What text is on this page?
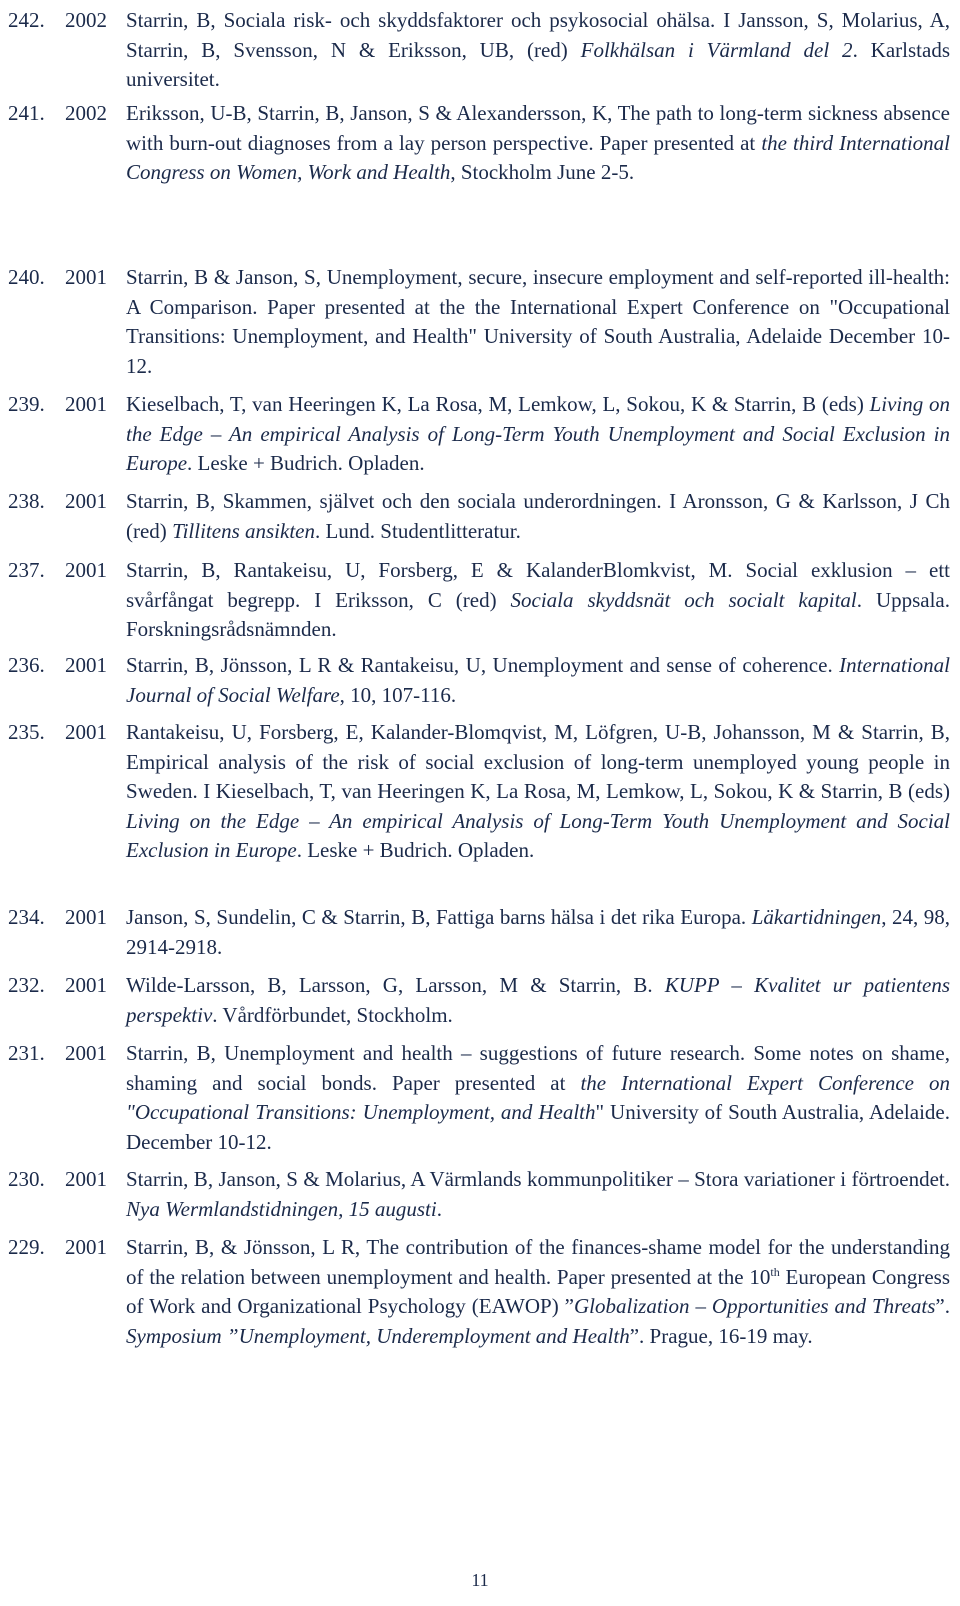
242. 2002 Starrin, B, Sociala risk- och skyddsfaktorer och psykosocial ohälsa. I Jansson, S, Molarius, A, Starrin, B, Svensson, N & Eriksson, UB, (red) Folkhälsan i Värmland del 2. Karlstads universitet.
241. 2002 Eriksson, U-B, Starrin, B, Janson, S & Alexandersson, K, The path to long-term sickness absence with burn-out diagnoses from a lay person perspective. Paper presented at the third International Congress on Women, Work and Health, Stockholm June 2-5.
240. 2001 Starrin, B & Janson, S, Unemployment, secure, insecure employment and self-reported ill-health: A Comparison. Paper presented at the the International Expert Conference on "Occupational Transitions: Unemployment, and Health" University of South Australia, Adelaide December 10-12.
239. 2001 Kieselbach, T, van Heeringen K, La Rosa, M, Lemkow, L, Sokou, K & Starrin, B (eds) Living on the Edge – An empirical Analysis of Long-Term Youth Unemployment and Social Exclusion in Europe. Leske + Budrich. Opladen.
238. 2001 Starrin, B, Skammen, självet och den sociala underordningen. I Aronsson, G & Karlsson, J Ch (red) Tillitens ansikten. Lund. Studentlitteratur.
237. 2001 Starrin, B, Rantakeisu, U, Forsberg, E & KalanderBlomkvist, M. Social exklusion – ett svårfångat begrepp. I Eriksson, C (red) Sociala skyddsnät och socialt kapital. Uppsala. Forskningsrådsnämnden.
236. 2001 Starrin, B, Jönsson, L R & Rantakeisu, U, Unemployment and sense of coherence. International Journal of Social Welfare, 10, 107-116.
235. 2001 Rantakeisu, U, Forsberg, E, Kalander-Blomqvist, M, Löfgren, U-B, Johansson, M & Starrin, B, Empirical analysis of the risk of social exclusion of long-term unemployed young people in Sweden. I Kieselbach, T, van Heeringen K, La Rosa, M, Lemkow, L, Sokou, K & Starrin, B (eds) Living on the Edge – An empirical Analysis of Long-Term Youth Unemployment and Social Exclusion in Europe. Leske + Budrich. Opladen.
234. 2001 Janson, S, Sundelin, C & Starrin, B, Fattiga barns hälsa i det rika Europa. Läkartidningen, 24, 98, 2914-2918.
232. 2001 Wilde-Larsson, B, Larsson, G, Larsson, M & Starrin, B. KUPP – Kvalitet ur patientens perspektiv. Vårdförbundet, Stockholm.
231. 2001 Starrin, B, Unemployment and health – suggestions of future research. Some notes on shame, shaming and social bonds. Paper presented at the International Expert Conference on "Occupational Transitions: Unemployment, and Health" University of South Australia, Adelaide. December 10-12.
230. 2001 Starrin, B, Janson, S & Molarius, A Värmlands kommunpolitiker – Stora variationer i förtroendet. Nya Wermlandstidningen, 15 augusti.
229. 2001 Starrin, B, & Jönsson, L R, The contribution of the finances-shame model for the understanding of the relation between unemployment and health. Paper presented at the 10th European Congress of Work and Organizational Psychology (EAWOP) ”Globalization – Opportunities and Threats”. Symposium ”Unemployment, Underemployment and Health”. Prague, 16-19 may.
11
